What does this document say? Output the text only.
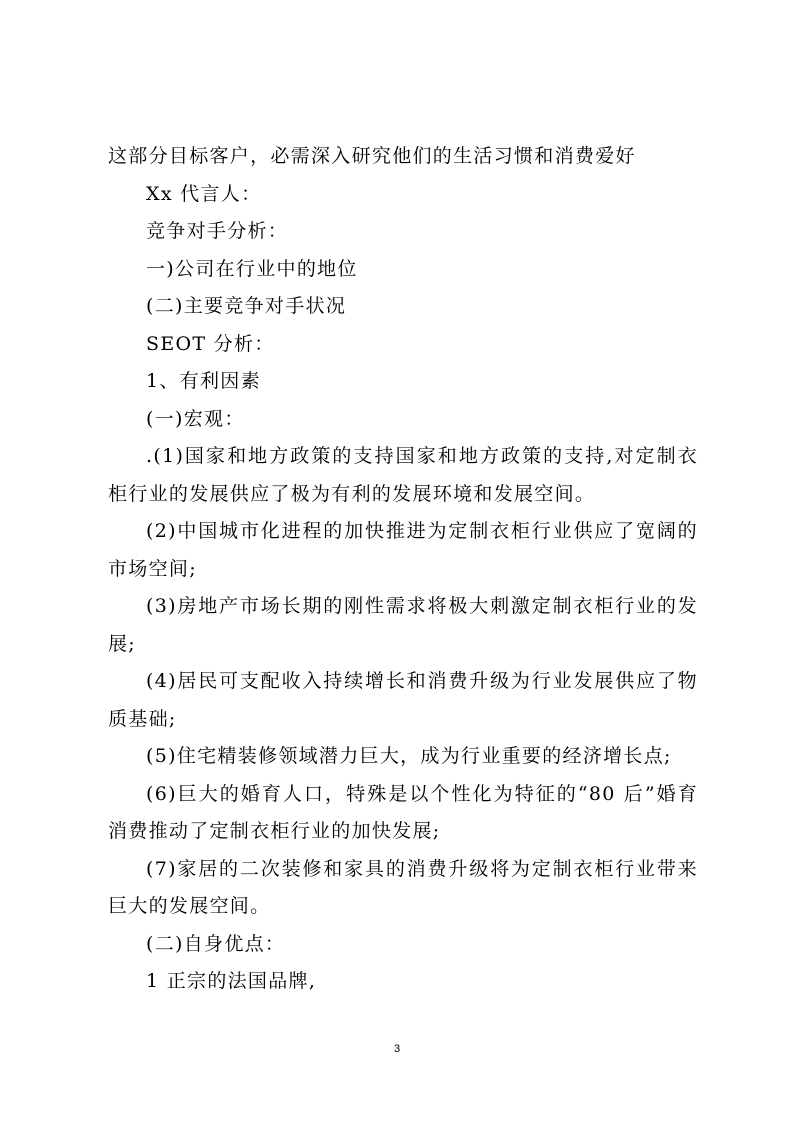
这部分目标客户，必需深入研究他们的生活习惯和消费爱好

Xx 代言人：

竞争对手分析：

一)公司在行业中的地位

(二)主要竞争对手状况

SEOT 分析：

1、有利因素

(一)宏观：

.(1)国家和地方政策的支持国家和地方政策的支持,对定制衣柜行业的发展供应了极为有利的发展环境和发展空间。

(2)中国城市化进程的加快推进为定制衣柜行业供应了宽阔的市场空间;

(3)房地产市场长期的刚性需求将极大刺激定制衣柜行业的发展;

(4)居民可支配收入持续增长和消费升级为行业发展供应了物质基础;

(5)住宅精装修领域潜力巨大，成为行业重要的经济增长点;

(6)巨大的婚育人口，特殊是以个性化为特征的“80 后”婚育消费推动了定制衣柜行业的加快发展;

(7)家居的二次装修和家具的消费升级将为定制衣柜行业带来巨大的发展空间。

(二)自身优点：

1 正宗的法国品牌,

3
